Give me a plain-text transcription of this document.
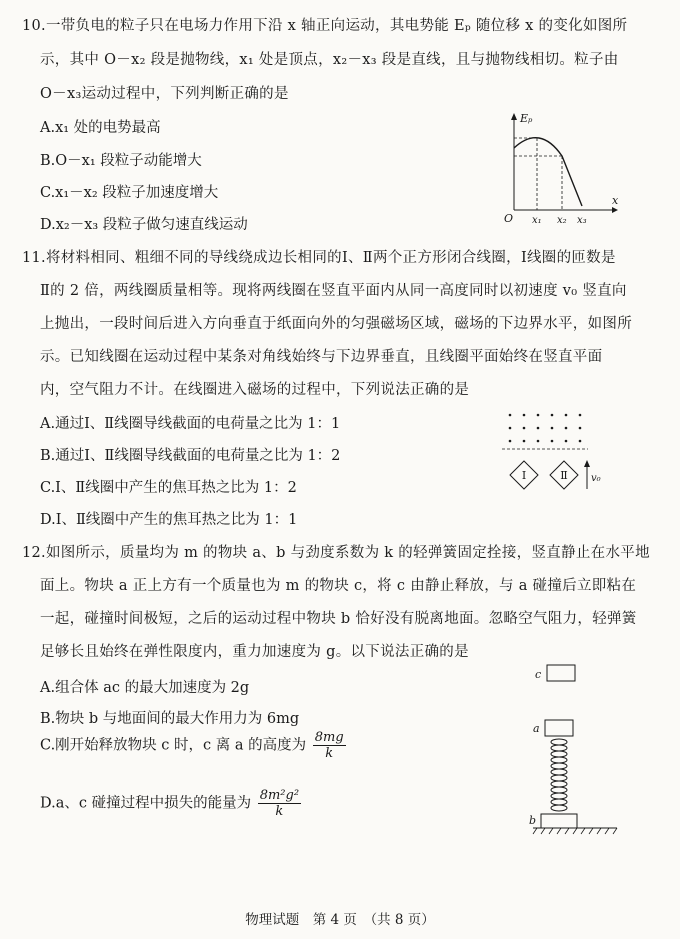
10.一带负电的粒子只在电场力作用下沿 x 轴正向运动，其电势能 Eₚ 随位移 x 的变化如图所
示，其中 O－x₂ 段是抛物线，x₁ 处是顶点，x₂－x₃ 段是直线，且与抛物线相切。粒子由
O－x₃运动过程中，下列判断正确的是
A.x₁ 处的电势最高
B.O－x₁ 段粒子动能增大
C.x₁－x₂ 段粒子加速度增大
D.x₂－x₃ 段粒子做匀速直线运动
Eₚ
x
O x₁ x₂ x₃
11.将材料相同、粗细不同的导线绕成边长相同的Ⅰ、Ⅱ两个正方形闭合线圈，Ⅰ线圈的匝数是
Ⅱ的 2 倍，两线圈质量相等。现将两线圈在竖直平面内从同一高度同时以初速度 v₀ 竖直向
上抛出，一段时间后进入方向垂直于纸面向外的匀强磁场区域，磁场的下边界水平，如图所
示。已知线圈在运动过程中某条对角线始终与下边界垂直，且线圈平面始终在竖直平面
内，空气阻力不计。在线圈进入磁场的过程中，下列说法正确的是
A.通过Ⅰ、Ⅱ线圈导线截面的电荷量之比为 1：1
B.通过Ⅰ、Ⅱ线圈导线截面的电荷量之比为 1：2
C.Ⅰ、Ⅱ线圈中产生的焦耳热之比为 1：2
D.Ⅰ、Ⅱ线圈中产生的焦耳热之比为 1：1
Ⅰ	Ⅱ v₀
12.如图所示，质量均为 m 的物块 a、b 与劲度系数为 k 的轻弹簧固定拴接，竖直静止在水平地
面上。物块 a 正上方有一个质量也为 m 的物块 c，将 c 由静止释放，与 a 碰撞后立即粘在
一起，碰撞时间极短，之后的运动过程中物块 b 恰好没有脱离地面。忽略空气阻力，轻弹簧
足够长且始终在弹性限度内，重力加速度为 g。以下说法正确的是
A.组合体 ac 的最大加速度为 2g
B.物块 b 与地面间的最大作用力为 6mg
C.刚开始释放物块 c 时，c 离 a 的高度为 $\frac{8mg}{k}$
D.a、c 碰撞过程中损失的能量为 $\frac{\text{8m²g²}}{k}$
c
a
b
物理试题　第 4 页　（共 8 页）
